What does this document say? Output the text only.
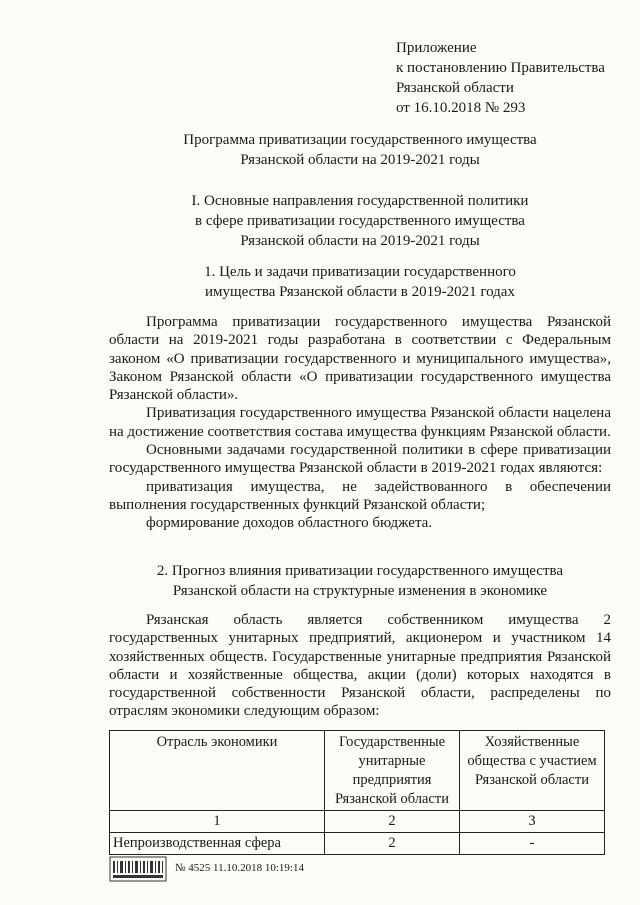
Приложение
к постановлению Правительства
Рязанской области
от 16.10.2018 № 293
Программа приватизации государственного имущества
Рязанской области на 2019-2021 годы
I. Основные направления государственной политики
в сфере приватизации государственного имущества
Рязанской области на 2019-2021 годы
1. Цель и задачи приватизации государственного
имущества Рязанской области в 2019-2021 годах

Программа приватизации государственного имущества Рязанской области на 2019-2021 годы разработана в соответствии с Федеральным законом «О приватизации государственного и муниципального имущества», Законом Рязанской области «О приватизации государственного имущества Рязанской области».

Приватизация государственного имущества Рязанской области нацелена на достижение соответствия состава имущества функциям Рязанской области.

Основными задачами государственной политики в сфере приватизации государственного имущества Рязанской области в 2019-2021 годах являются:

приватизация имущества, не задействованного в обеспечении выполнения государственных функций Рязанской области;

формирование доходов областного бюджета.

2. Прогноз влияния приватизации государственного имущества
Рязанской области на структурные изменения в экономике

Рязанская область является собственником имущества 2 государственных унитарных предприятий, акционером и участником 14 хозяйственных обществ. Государственные унитарные предприятия Рязанской области и хозяйственные общества, акции (доли) которых находятся в государственной собственности Рязанской области, распределены по отраслям экономики следующим образом:

Отрасль экономики	Государственные унитарные предприятия Рязанской области	Хозяйственные общества с участием Рязанской области
1	2	3
Непроизводственная сфера	2	-
№ 4525 11.10.2018 10:19:14
